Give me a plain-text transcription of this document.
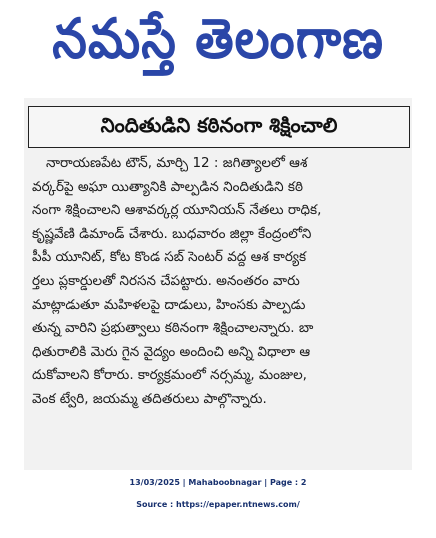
నమస్తే తెలంగాణ
నిందితుడిని కఠినంగా శిక్షించాలి
నారాయణపేట టౌన్, మార్చి 12 : జగిత్యాలలో ఆశ
వర్కర్‌పై అఘా యిత్యానికి పాల్పడిన నిందితుడిని కఠి
నంగా శిక్షించాలని ఆశావర్కర్ల యూనియన్ నేతలు రాధిక,
కృష్ణవేణి డిమాండ్ చేశారు. బుధవారం జిల్లా కేంద్రంలోని
పీపీ యూనిట్, కోట కొండ సబ్ సెంటర్ వద్ద ఆశ కార్యక
ర్తలు ప్లకార్డులతో నిరసన చేపట్టారు. అనంతరం వారు
మాట్లాడుతూ మహిళలపై దాడులు, హింసకు పాల్పడు
తున్న వారిని ప్రభుత్వాలు కఠినంగా శిక్షించాలన్నారు. బా
ధితురాలికి మెరు గైన వైద్యం అందించి అన్ని విధాలా ఆ
దుకోవాలని కోరారు. కార్యక్రమంలో నర్సమ్మ, మంజుల,
వెంక ట్వేరి, జయమ్మ తదితరులు పాల్గొన్నారు.
13/03/2025 | Mahaboobnagar | Page : 2
Source : https://epaper.ntnews.com/
